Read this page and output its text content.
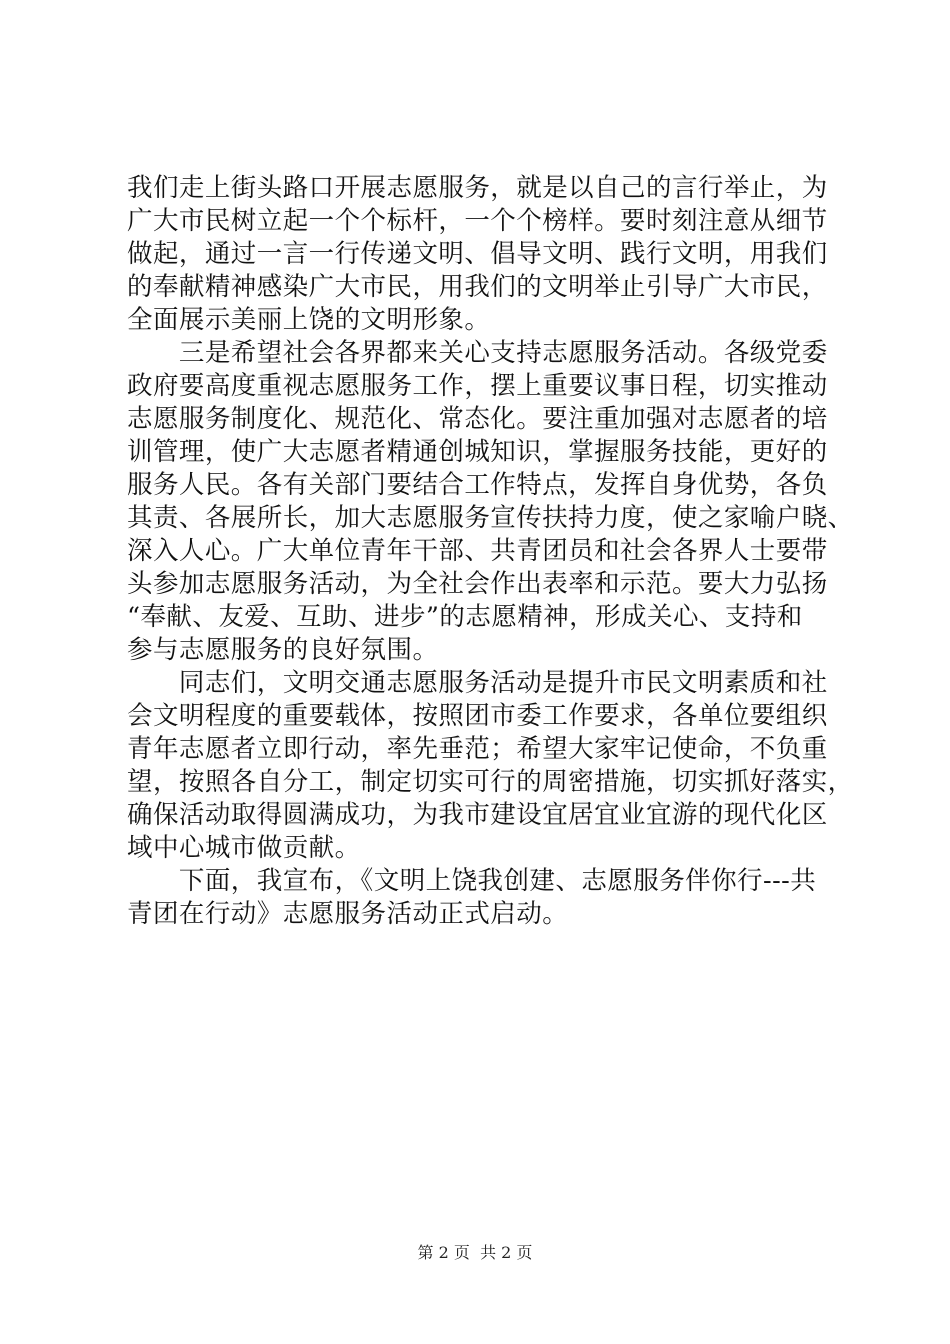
我们走上街头路口开展志愿服务，就是以自己的言行举止，为
广大市民树立起一个个标杆，一个个榜样。要时刻注意从细节
做起，通过一言一行传递文明、倡导文明、践行文明，用我们
的奉献精神感染广大市民，用我们的文明举止引导广大市民，
全面展示美丽上饶的文明形象。
　　三是希望社会各界都来关心支持志愿服务活动。各级党委
政府要高度重视志愿服务工作，摆上重要议事日程，切实推动
志愿服务制度化、规范化、常态化。要注重加强对志愿者的培
训管理，使广大志愿者精通创城知识，掌握服务技能，更好的
服务人民。各有关部门要结合工作特点，发挥自身优势，各负
其责、各展所长，加大志愿服务宣传扶持力度，使之家喻户晓、
深入人心。广大单位青年干部、共青团员和社会各界人士要带
头参加志愿服务活动，为全社会作出表率和示范。要大力弘扬
“奉献、友爱、互助、进步”的志愿精神，形成关心、支持和
参与志愿服务的良好氛围。
　　同志们，文明交通志愿服务活动是提升市民文明素质和社
会文明程度的重要载体，按照团市委工作要求，各单位要组织
青年志愿者立即行动，率先垂范；希望大家牢记使命，不负重
望，按照各自分工，制定切实可行的周密措施，切实抓好落实，
确保活动取得圆满成功，为我市建设宜居宜业宜游的现代化区
域中心城市做贡献。
　　下面，我宣布，《文明上饶我创建、志愿服务伴你行---共
青团在行动》志愿服务活动正式启动。
第 2 页  共 2 页
